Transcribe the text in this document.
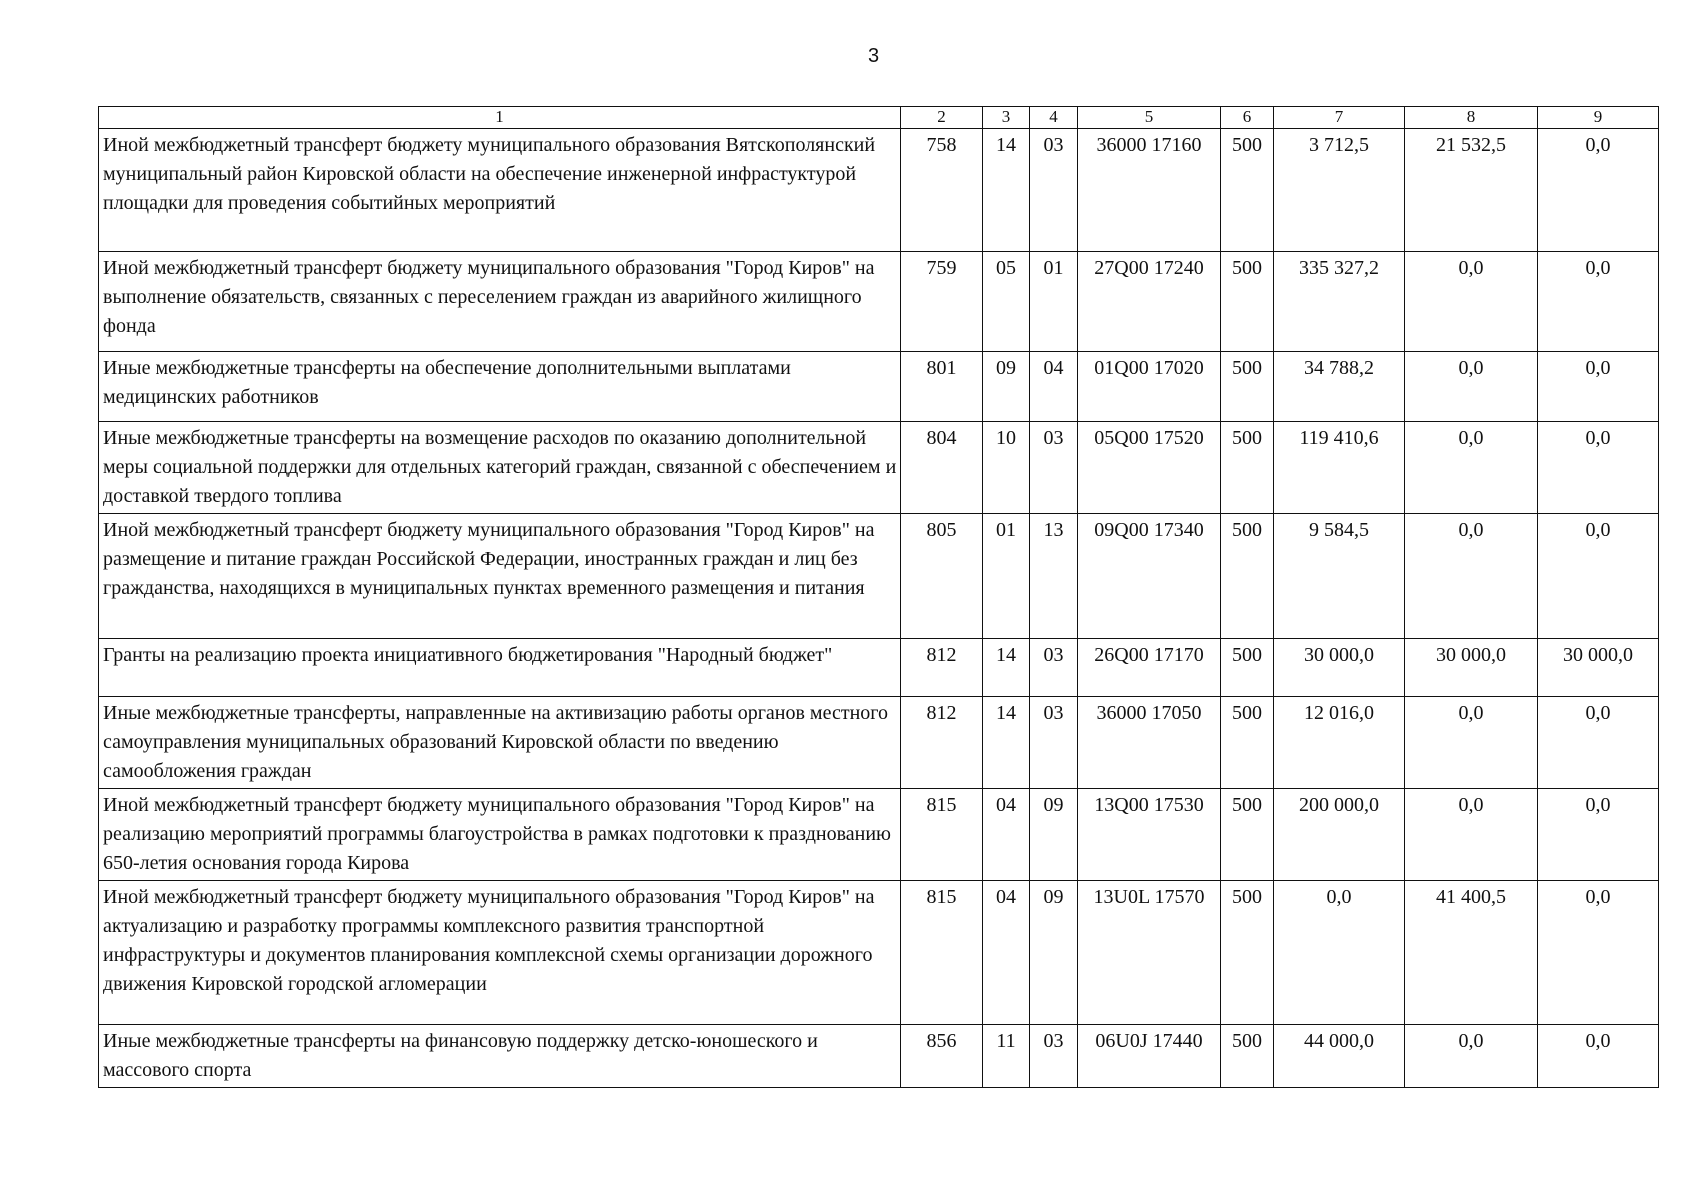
3
1	2	3	4	5	6	7	8	9
Иной межбюджетный трансферт бюджету муниципального образования Вятскополянский муниципальный район Кировской области на обеспечение инженерной инфрастуктурой площадки для проведения событийных мероприятий	758	14	03	36000 17160	500	3 712,5	21 532,5	0,0
Иной межбюджетный трансферт бюджету муниципального образования "Город Киров" на выполнение обязательств, связанных с переселением граждан из аварийного жилищного фонда	759	05	01	27Q00 17240	500	335 327,2	0,0	0,0
Иные межбюджетные трансферты на обеспечение дополнительными выплатами медицинских работников	801	09	04	01Q00 17020	500	34 788,2	0,0	0,0
Иные межбюджетные трансферты на возмещение расходов по оказанию дополнительной меры социальной поддержки для отдельных категорий граждан, связанной с обеспечением и доставкой твердого топлива	804	10	03	05Q00 17520	500	119 410,6	0,0	0,0
Иной межбюджетный трансферт бюджету муниципального образования "Город Киров" на размещение и питание граждан Российской Федерации, иностранных граждан и лиц без гражданства, находящихся в муниципальных пунктах временного размещения и питания	805	01	13	09Q00 17340	500	9 584,5	0,0	0,0
Гранты на реализацию проекта инициативного бюджетирования "Народный бюджет"	812	14	03	26Q00 17170	500	30 000,0	30 000,0	30 000,0
Иные межбюджетные трансферты, направленные на активизацию работы органов местного самоуправления муниципальных образований Кировской области по введению самообложения граждан	812	14	03	36000 17050	500	12 016,0	0,0	0,0
Иной межбюджетный трансферт бюджету муниципального образования "Город Киров" на реализацию мероприятий программы благоустройства в рамках подготовки к празднованию 650-летия основания города Кирова	815	04	09	13Q00 17530	500	200 000,0	0,0	0,0
Иной межбюджетный трансферт бюджету муниципального образования "Город Киров" на актуализацию и разработку программы комплексного развития транспортной инфраструктуры и документов планирования комплексной схемы организации дорожного движения Кировской городской агломерации	815	04	09	13U0L 17570	500	0,0	41 400,5	0,0
Иные межбюджетные трансферты на финансовую поддержку детско-юношеского и массового спорта	856	11	03	06U0J 17440	500	44 000,0	0,0	0,0
